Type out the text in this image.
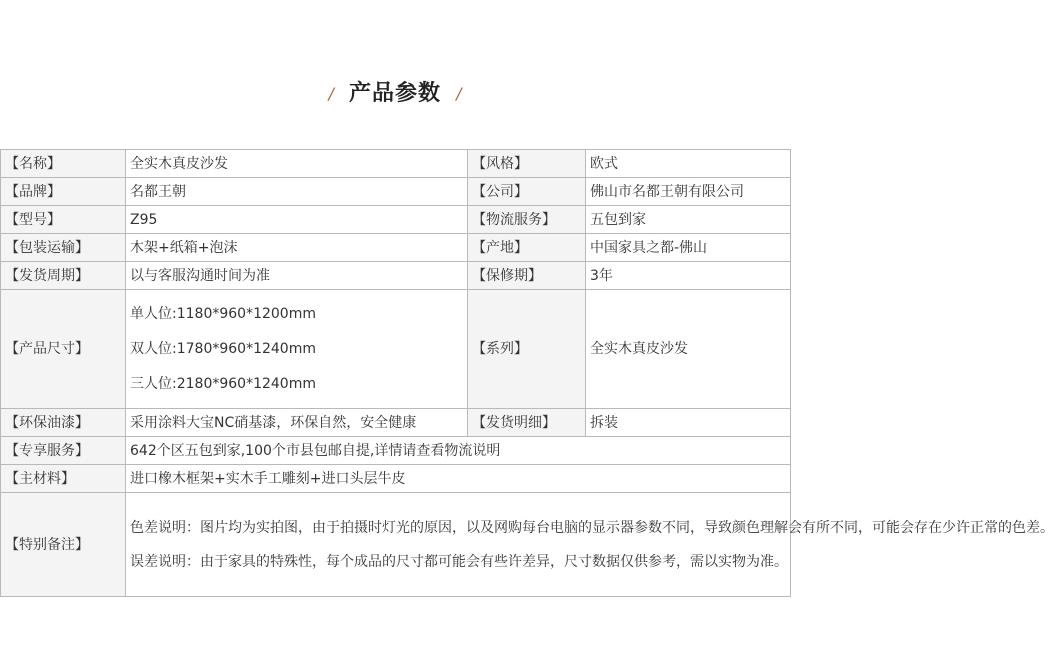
/ 产品参数 /
【名称】	全实木真皮沙发	【风格】	欧式
【品牌】	名都王朝	【公司】	佛山市名都王朝有限公司
【型号】	Z95	【物流服务】	五包到家
【包装运输】	木架+纸箱+泡沫	【产地】	中国家具之都-佛山
【发货周期】	以与客服沟通时间为准	【保修期】	3年
【产品尺寸】	单人位:1180*960*1200mm
双人位:1780*960*1240mm
三人位:2180*960*1240mm	【系列】	全实木真皮沙发
【环保油漆】	采用涂料大宝NC硝基漆，环保自然，安全健康	【发货明细】	拆装
【专享服务】	642个区五包到家,100个市县包邮自提,详情请查看物流说明		
【主材料】	进口橡木框架+实木手工雕刻+进口头层牛皮		
【特别备注】	色差说明：图片均为实拍图，由于拍摄时灯光的原因，以及网购每台电脑的显示器参数不同，导致颜色理解会有所不同，可能会存在少许正常的色差。

误差说明：由于家具的特殊性，每个成品的尺寸都可能会有些许差异，尺寸数据仅供参考，需以实物为准。		
